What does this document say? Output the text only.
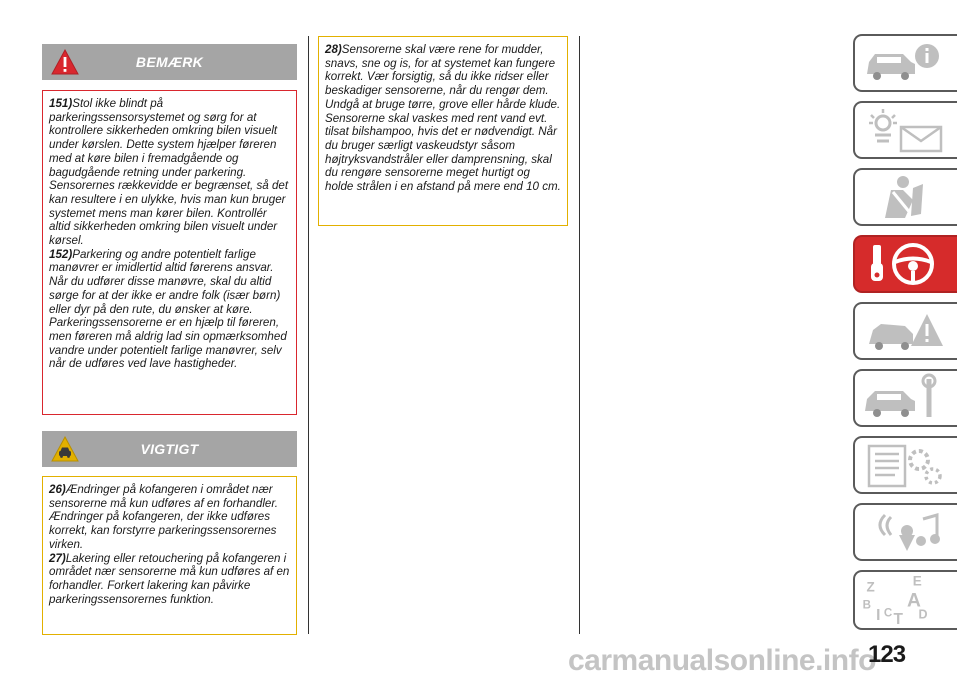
BEMÆRK

151)Stol ikke blindt på parkeringssensorsystemet og sørg for at kontrollere sikkerheden omkring bilen visuelt under kørslen. Dette system hjælper føreren med at køre bilen i fremadgående og bagudgående retning under parkering. Sensorernes rækkevidde er begrænset, så det kan resultere i en ulykke, hvis man kun bruger systemet mens man kører bilen. Kontrollér altid sikkerheden omkring bilen visuelt under kørsel.

152)Parkering og andre potentielt farlige manøvrer er imidlertid altid førerens ansvar. Når du udfører disse manøvre, skal du altid sørge for at der ikke er andre folk (især børn) eller dyr på den rute, du ønsker at køre. Parkeringssensorerne er en hjælp til føreren, men føreren må aldrig lad sin opmærksomhed vandre under potentielt farlige manøvrer, selv når de udføres ved lave hastigheder.

VIGTIGT

26)Ændringer på kofangeren i området nær sensorerne må kun udføres af en forhandler. Ændringer på kofangeren, der ikke udføres korrekt, kan forstyrre parkeringssensorernes virken.

27)Lakering eller retouchering på kofangeren i området nær sensorerne må kun udføres af en forhandler. Forkert lakering kan påvirke parkeringssensorernes funktion.

28)Sensorerne skal være rene for mudder, snavs, sne og is, for at systemet kan fungere korrekt. Vær forsigtig, så du ikke ridser eller beskadiger sensorerne, når du rengør dem. Undgå at bruge tørre, grove eller hårde klude. Sensorerne skal vaskes med rent vand evt. tilsat bilshampoo, hvis det er nødvendigt. Når du bruger særligt vaskeudstyr såsom højtryksvandstråler eller damprensning, skal du rengøre sensorerne meget hurtigt og holde strålen i en afstand på mere end 10 cm.

Z	E
B A
I C T D
carmanualsonline.info
123
